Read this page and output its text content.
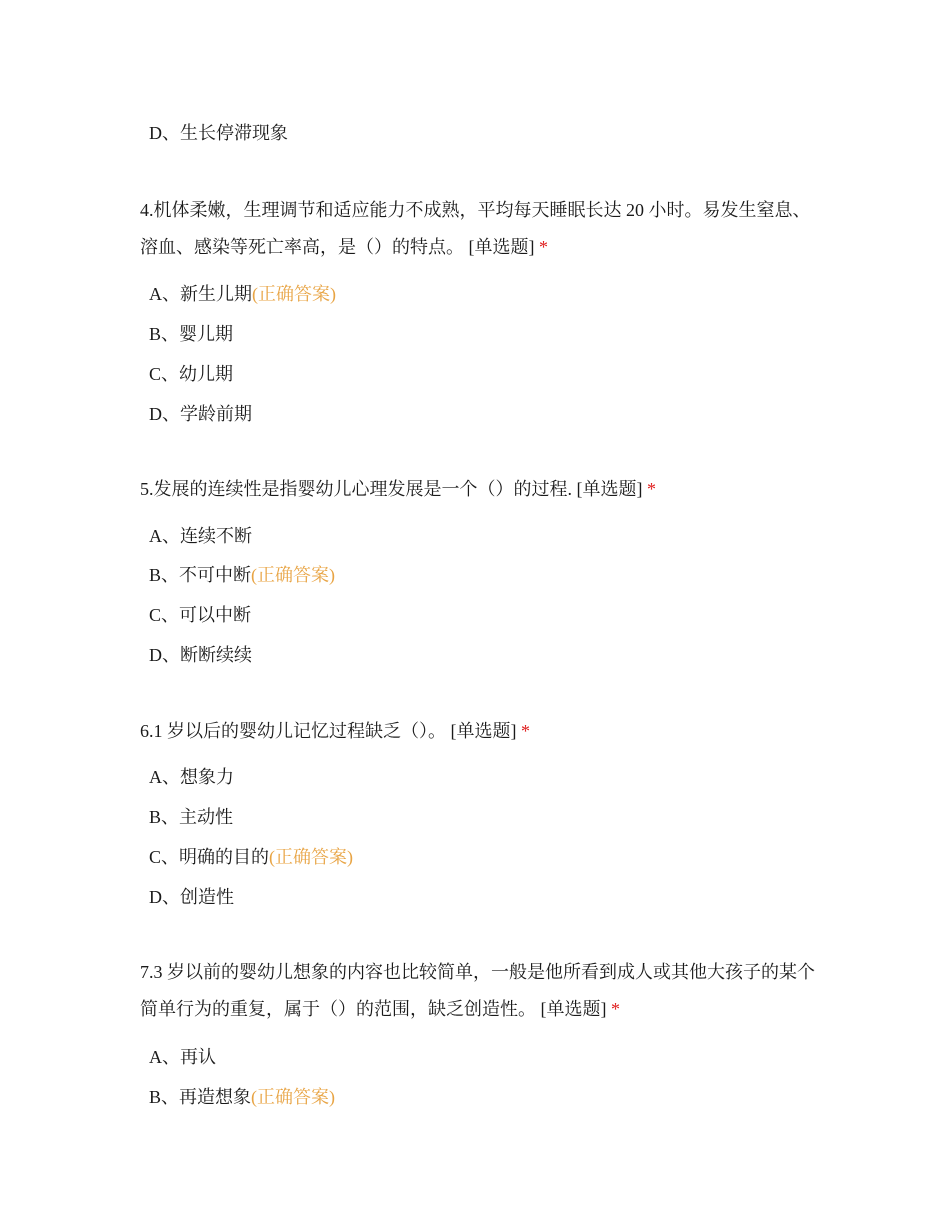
D、生长停滞现象
4.机体柔嫩，生理调节和适应能力不成熟，平均每天睡眠长达 20 小时。易发生窒息、溶血、感染等死亡率高，是（）的特点。 [单选题] *
A、新生儿期(正确答案)
B、婴儿期
C、幼儿期
D、学龄前期
5.发展的连续性是指婴幼儿心理发展是一个（）的过程. [单选题] *
A、连续不断
B、不可中断(正确答案)
C、可以中断
D、断断续续
6.1 岁以后的婴幼儿记忆过程缺乏（）。 [单选题] *
A、想象力
B、主动性
C、明确的目的(正确答案)
D、创造性
7.3 岁以前的婴幼儿想象的内容也比较简单，一般是他所看到成人或其他大孩子的某个简单行为的重复，属于（）的范围，缺乏创造性。 [单选题] *
A、再认
B、再造想象(正确答案)
